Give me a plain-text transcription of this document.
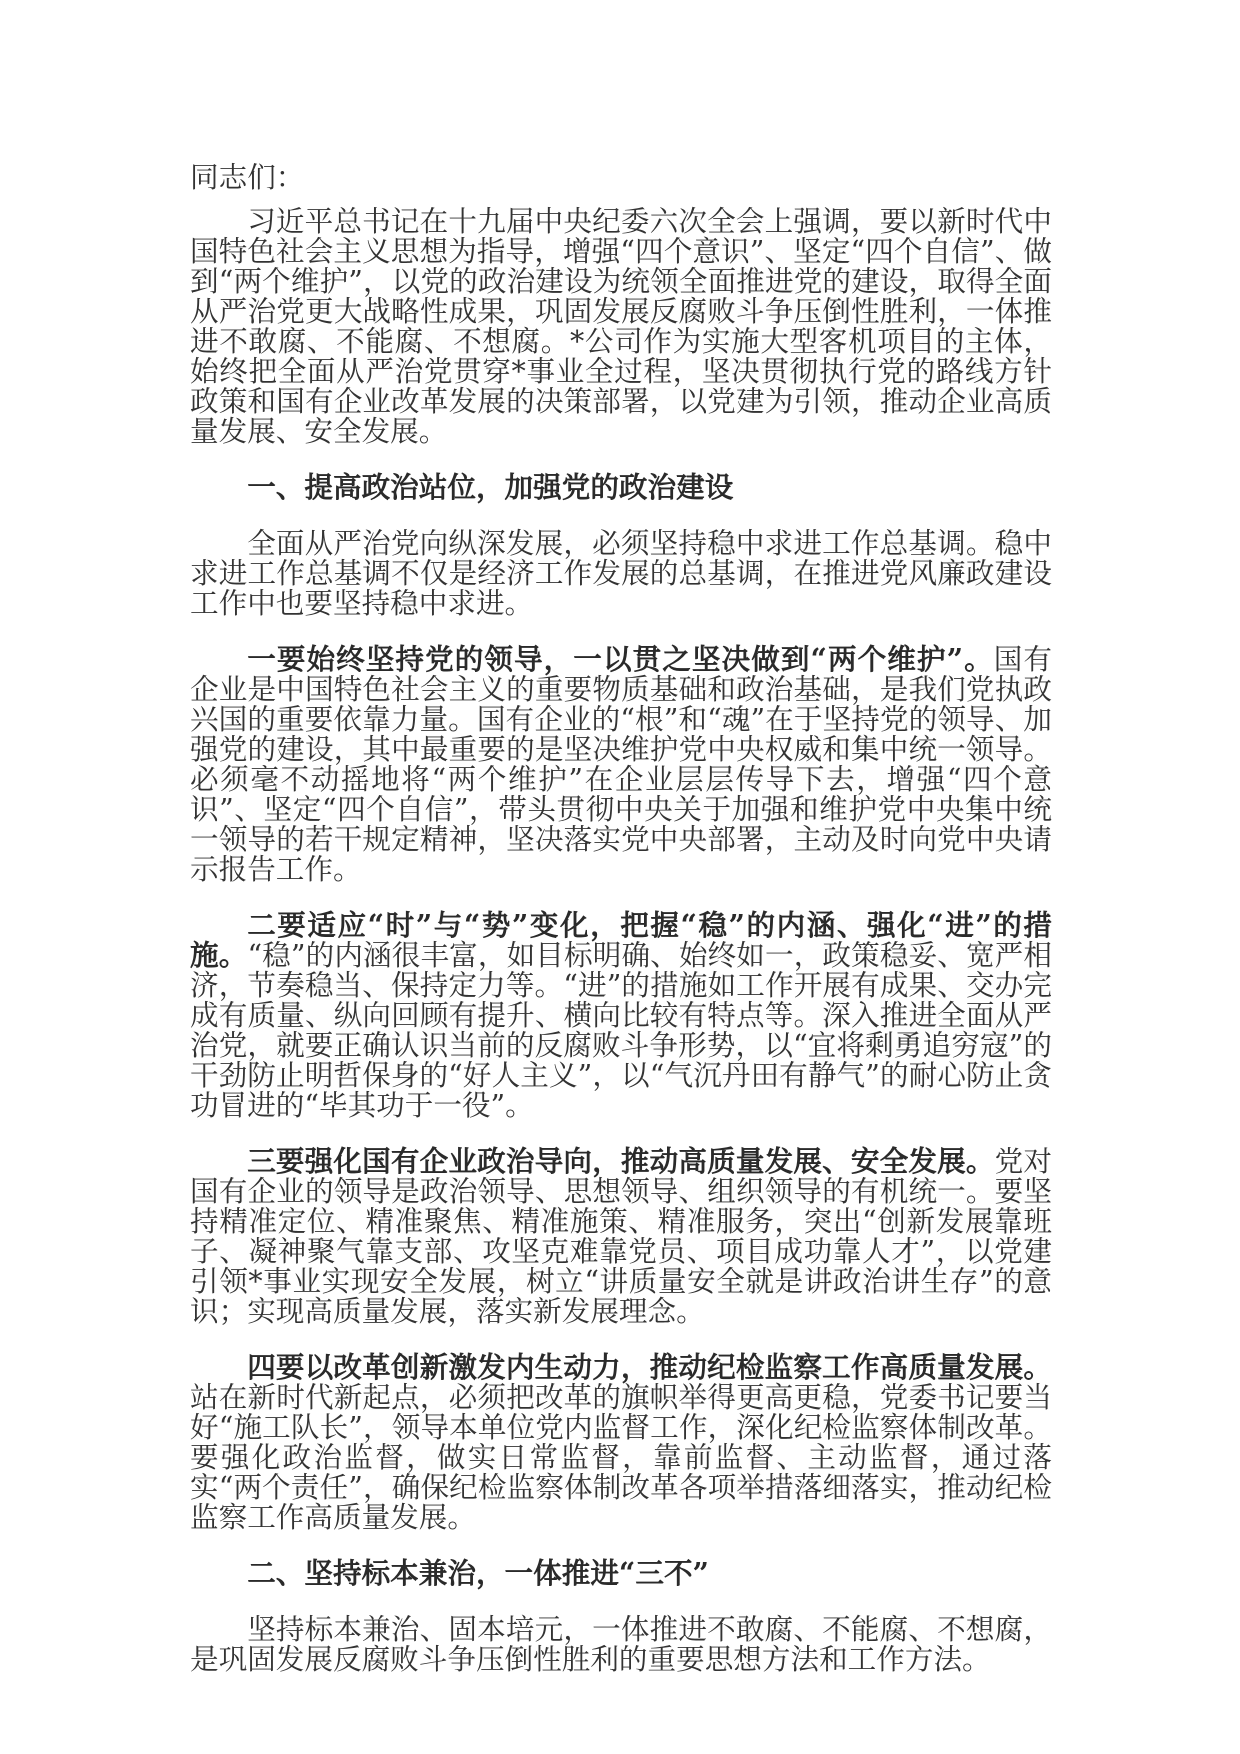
同志们：

习近平总书记在十九届中央纪委六次全会上强调，要以新时代中国特色社会主义思想为指导，增强“四个意识”、坚定“四个自信”、做到“两个维护”，以党的政治建设为统领全面推进党的建设，取得全面从严治党更大战略性成果，巩固发展反腐败斗争压倒性胜利，一体推进不敢腐、不能腐、不想腐。*公司作为实施大型客机项目的主体，始终把全面从严治党贯穿*事业全过程，坚决贯彻执行党的路线方针政策和国有企业改革发展的决策部署，以党建为引领，推动企业高质量发展、安全发展。

一、提高政治站位，加强党的政治建设

全面从严治党向纵深发展，必须坚持稳中求进工作总基调。稳中求进工作总基调不仅是经济工作发展的总基调，在推进党风廉政建设工作中也要坚持稳中求进。

一要始终坚持党的领导，一以贯之坚决做到“两个维护”。国有企业是中国特色社会主义的重要物质基础和政治基础，是我们党执政兴国的重要依靠力量。国有企业的“根”和“魂”在于坚持党的领导、加强党的建设，其中最重要的是坚决维护党中央权威和集中统一领导。必须毫不动摇地将“两个维护”在企业层层传导下去，增强“四个意识”、坚定“四个自信”，带头贯彻中央关于加强和维护党中央集中统一领导的若干规定精神，坚决落实党中央部署，主动及时向党中央请示报告工作。

二要适应“时”与“势”变化，把握“稳”的内涵、强化“进”的措施。“稳”的内涵很丰富，如目标明确、始终如一，政策稳妥、宽严相济，节奏稳当、保持定力等。“进”的措施如工作开展有成果、交办完成有质量、纵向回顾有提升、横向比较有特点等。深入推进全面从严治党，就要正确认识当前的反腐败斗争形势，以“宜将剩勇追穷寇”的干劲防止明哲保身的“好人主义”，以“气沉丹田有静气”的耐心防止贪功冒进的“毕其功于一役”。

三要强化国有企业政治导向，推动高质量发展、安全发展。党对国有企业的领导是政治领导、思想领导、组织领导的有机统一。要坚持精准定位、精准聚焦、精准施策、精准服务，突出“创新发展靠班子、凝神聚气靠支部、攻坚克难靠党员、项目成功靠人才”，以党建引领*事业实现安全发展，树立“讲质量安全就是讲政治讲生存”的意识；实现高质量发展，落实新发展理念。

四要以改革创新激发内生动力，推动纪检监察工作高质量发展。站在新时代新起点，必须把改革的旗帜举得更高更稳，党委书记要当好“施工队长”，领导本单位党内监督工作，深化纪检监察体制改革。要强化政治监督，做实日常监督，靠前监督、主动监督，通过落实“两个责任”，确保纪检监察体制改革各项举措落细落实，推动纪检监察工作高质量发展。

二、坚持标本兼治，一体推进“三不”

坚持标本兼治、固本培元，一体推进不敢腐、不能腐、不想腐，是巩固发展反腐败斗争压倒性胜利的重要思想方法和工作方法。
